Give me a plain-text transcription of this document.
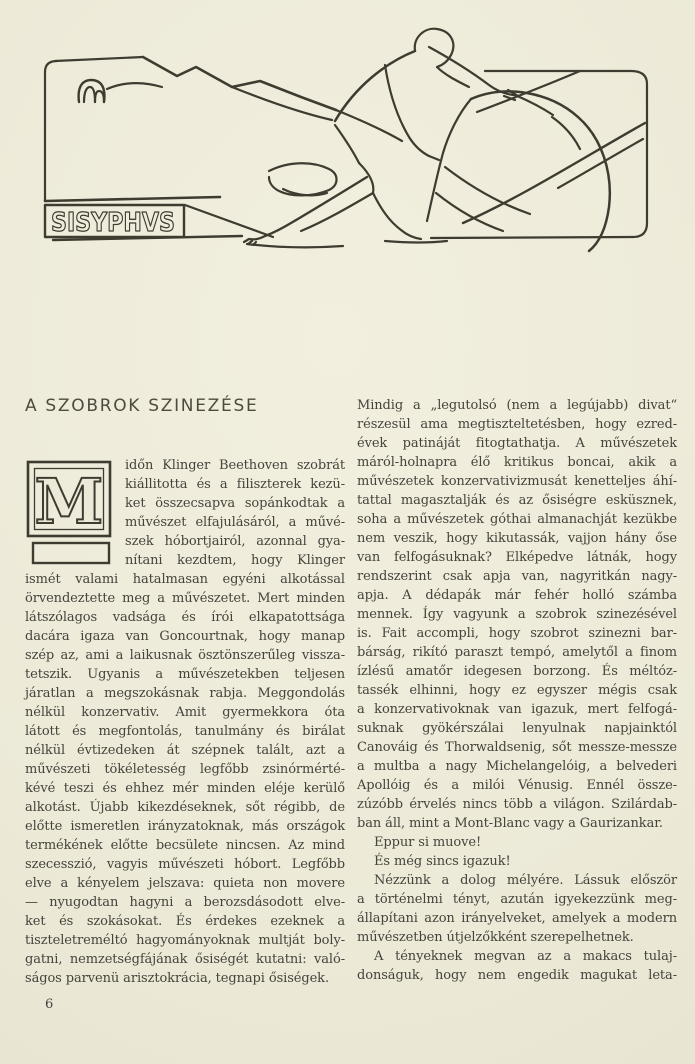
SISYPHVS
A SZOBROK SZINEZÉSE
M	időn Klinger Beethoven szobrát
kiállitotta és a filiszterek kezü-
ket összecsapva sopánkodtak a
művészet elfajulásáról, a művé-
szek hóbortjairól, azonnal gya-
nítani kezdtem, hogy Klinger
ismét valami hatalmasan egyéni alkotással
örvendeztette meg a művészetet. Mert minden
látszólagos vadsága és írói elkapatottsága
dacára igaza van Goncourtnak, hogy manap
szép az, ami a laikusnak ösztönszerűleg vissza-
tetszik. Ugyanis a művészetekben teljesen
járatlan a megszokásnak rabja. Meggondolás
nélkül konzervativ. Amit gyermekkora óta
látott és megfontolás, tanulmány és birálat
nélkül évtizedeken át szépnek talált, azt a
művészeti tökéletesség legfőbb zsinórmérté-
kévé teszi és ehhez mér minden eléje kerülő
alkotást. Újabb kikezdéseknek, sőt régibb, de
előtte ismeretlen irányzatoknak, más országok
termékének előtte becsülete nincsen. Az mind
szecesszió, vagyis művészeti hóbort. Legfőbb
elve a kényelem jelszava: quieta non movere
— nyugodtan hagyni a berozsdásodott elve-
ket és szokásokat. És érdekes ezeknek a
tiszteletreméltó hagyományoknak multját boly-
gatni, nemzetségfájának ősiségét kutatni: való-
ságos parvenü arisztokrácia, tegnapi ősiségek.
Mindig a „legutolsó (nem a legújabb) divat“
részesül ama megtiszteltetésben, hogy ezred-
évek patináját fitogtathatja. A művészetek
máról-holnapra élő kritikus boncai, akik a
művészetek konzervativizmusát kenetteljes áhí-
tattal magasztalják és az ősiségre esküsznek,
soha a művészetek góthai almanachját kezükbe
nem veszik, hogy kikutassák, vajjon hány őse
van felfogásuknak? Elképedve látnák, hogy
rendszerint csak apja van, nagyritkán nagy-
apja. A dédapák már fehér holló számba
mennek. Így vagyunk a szobrok szinezésével
is. Fait accompli, hogy szobrot szinezni bar-
bárság, rikító paraszt tempó, amelytől a finom
ízlésű amatőr idegesen borzong. És méltóz-
tassék elhinni, hogy ez egyszer mégis csak
a konzervativoknak van igazuk, mert felfogá-
suknak gyökérszálai lenyulnak napjainktól
Canováig és Thorwaldsenig, sőt messze-messze
a multba a nagy Michelangelóig, a belvederi
Apollóig és a milói Vénusig. Ennél össze-
zúzóbb érvelés nincs több a világon. Szilárdab-
ban áll, mint a Mont-Blanc vagy a Gaurizankar.
Eppur si muove!
És még sincs igazuk!
Nézzünk a dolog mélyére. Lássuk először
a történelmi tényt, azután igyekezzünk meg-
állapítani azon irányelveket, amelyek a modern
művészetben útjelzőkként szerepelhetnek.
A tényeknek megvan az a makacs tulaj-
donságuk, hogy nem engedik magukat leta-
6
